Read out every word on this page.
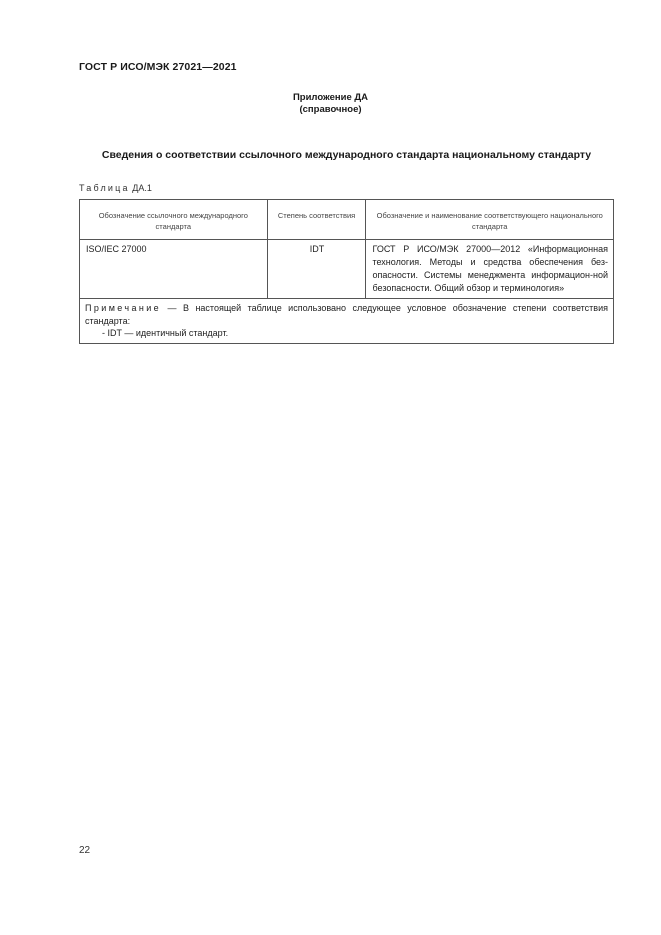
ГОСТ Р ИСО/МЭК 27021—2021
Приложение ДА
(справочное)
Сведения о соответствии ссылочного международного стандарта национальному стандарту
Таблица ДА.1
Обозначение ссылочного международного стандарта	Степень соответствия	Обозначение и наименование соответствующего национального стандарта
ISO/IEC 27000	IDT	ГОСТ Р ИСО/МЭК 27000—2012 «Информационная технология. Методы и средства обеспечения без-опасности. Системы менеджмента информацион-ной безопасности. Общий обзор и терминология»

Примечание — В настоящей таблице использовано следующее условное обозначение степени соответствия стандарта:
- IDT — идентичный стандарт.		
22
